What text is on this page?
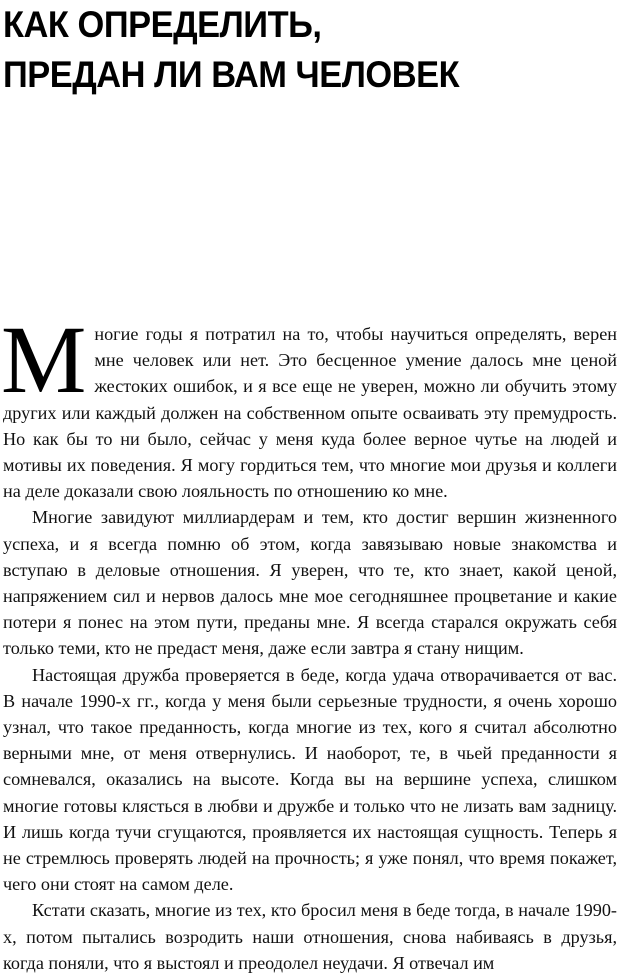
КАК ОПРЕДЕЛИТЬ,
ПРЕДАН ЛИ ВАМ ЧЕЛОВЕК

Многие годы я потратил на то, чтобы научиться определять, верен мне человек или нет. Это бесценное умение далось мне ценой жестоких ошибок, и я все еще не уверен, можно ли обучить этому других или каждый должен на собственном опыте осваивать эту премудрость. Но как бы то ни было, сейчас у меня куда более верное чутье на людей и мотивы их поведения. Я могу гордиться тем, что многие мои друзья и коллеги на деле доказали свою лояльность по отношению ко мне.

Многие завидуют миллиардерам и тем, кто достиг вершин жизненного успеха, и я всегда помню об этом, когда завязываю новые знакомства и вступаю в деловые отношения. Я уверен, что те, кто знает, какой ценой, напряжением сил и нервов далось мне мое сегодняшнее процветание и какие потери я понес на этом пути, преданы мне. Я всегда старался окружать себя только теми, кто не предаст меня, даже если завтра я стану нищим.

Настоящая дружба проверяется в беде, когда удача отворачивается от вас. В начале 1990-х гг., когда у меня были серьезные трудности, я очень хорошо узнал, что такое преданность, когда многие из тех, кого я считал абсолютно верными мне, от меня отвернулись. И наоборот, те, в чьей преданности я сомневался, оказались на высоте. Когда вы на вершине успеха, слишком многие готовы клясться в любви и дружбе и только что не лизать вам задницу. И лишь когда тучи сгущаются, проявляется их настоящая сущность. Теперь я не стремлюсь проверять людей на прочность; я уже понял, что время покажет, чего они стоят на самом деле.

Кстати сказать, многие из тех, кто бросил меня в беде тогда, в начале 1990-х, потом пытались возродить наши отношения, снова набиваясь в друзья, когда поняли, что я выстоял и преодолел неудачи. Я отвечал им
